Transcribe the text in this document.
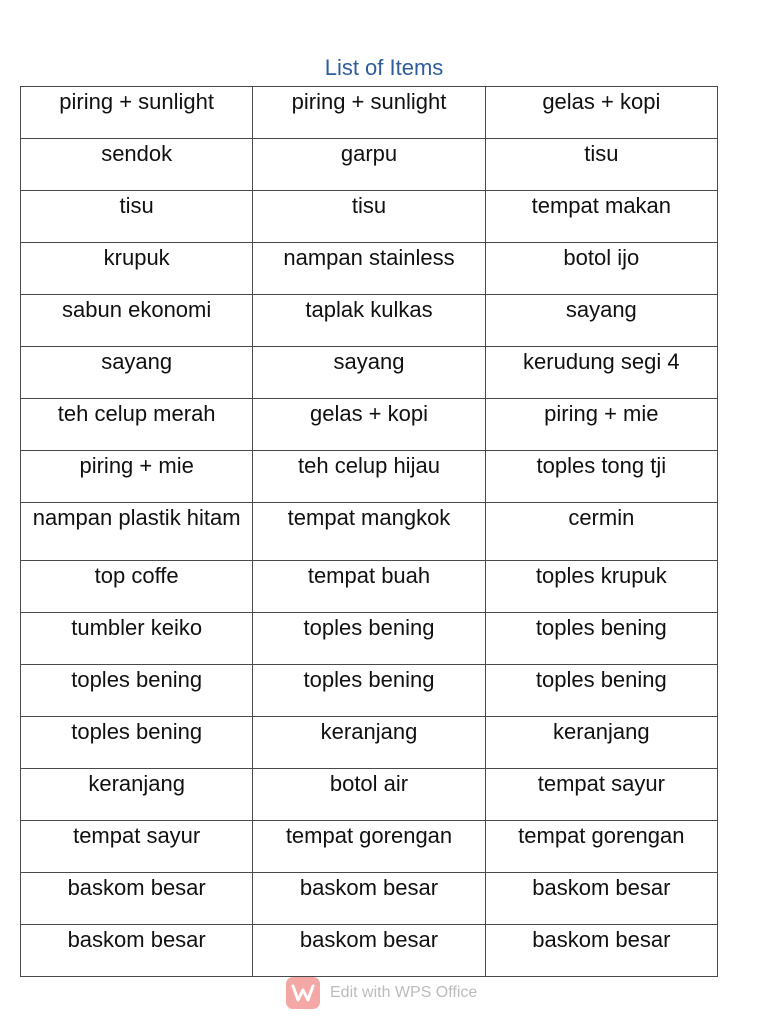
List of Items
piring + sunlight	piring + sunlight	gelas + kopi
sendok	garpu	tisu
tisu	tisu	tempat makan
krupuk	nampan stainless	botol ijo
sabun ekonomi	taplak kulkas	sayang
sayang	sayang	kerudung segi 4
teh celup merah	gelas + kopi	piring + mie
piring + mie	teh celup hijau	toples tong tji
nampan plastik hitam	tempat mangkok	cermin
top coffe	tempat buah	toples krupuk
tumbler keiko	toples bening	toples bening
toples bening	toples bening	toples bening
toples bening	keranjang	keranjang
keranjang	botol air	tempat sayur
tempat sayur	tempat gorengan	tempat gorengan
baskom besar	baskom besar	baskom besar
baskom besar	baskom besar	baskom besar
Edit with WPS Office
